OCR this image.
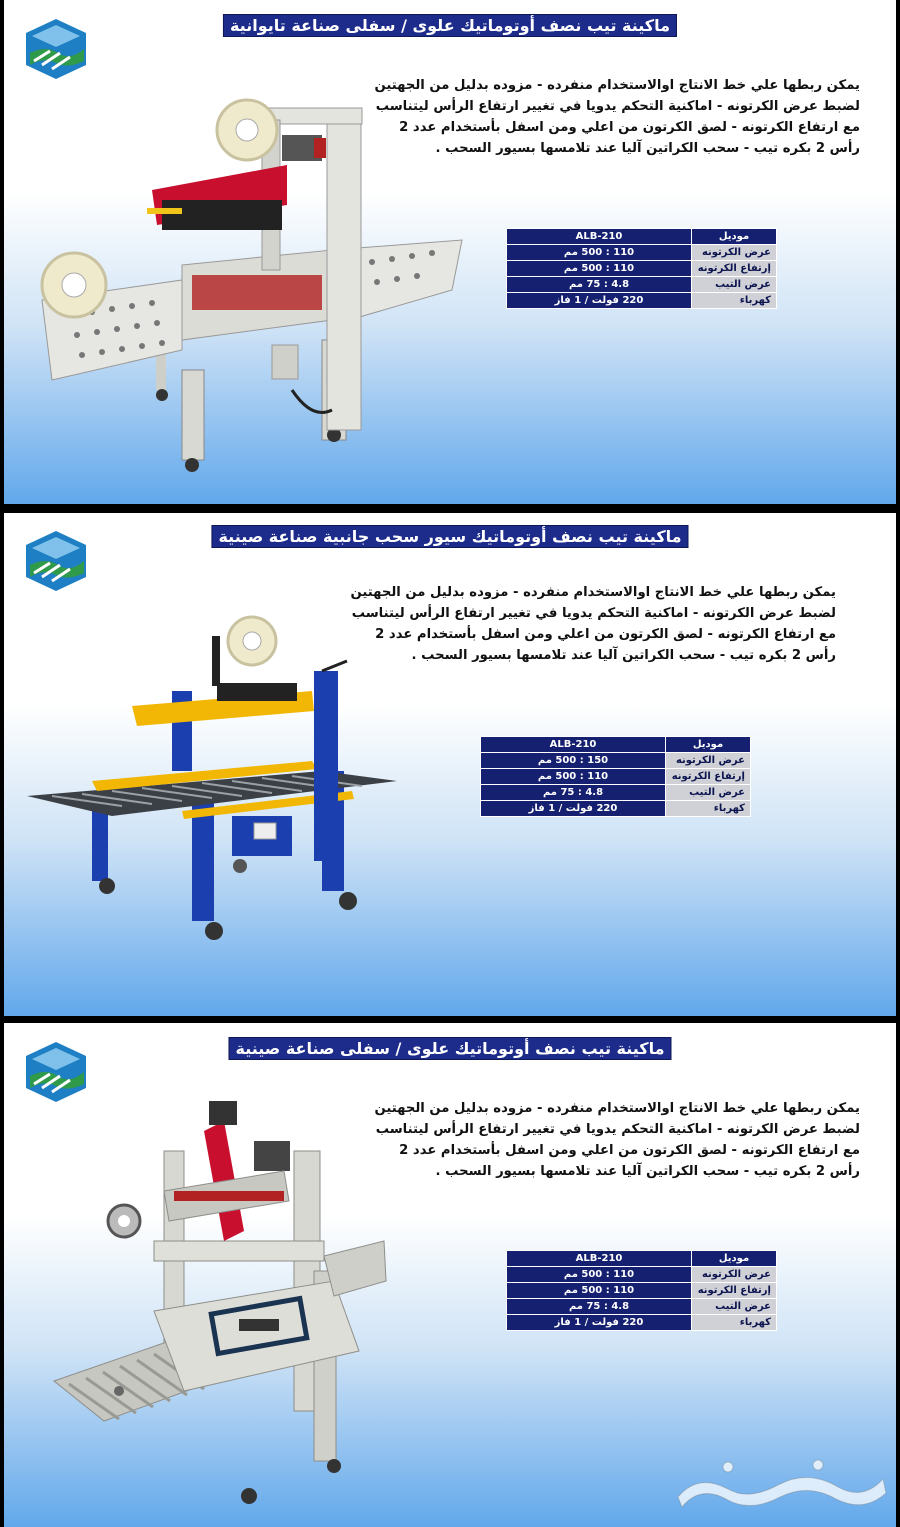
ماكينة تيب نصف أوتوماتيك علوى / سفلى صناعة تايوانية

يمكن ربطها علي خط الانتاج اوالاستخدام منفرده - مزوده بدليل من الجهتين لضبط عرض الكرتونه - اماكنية التحكم يدويا في تغيير ارتفاع الرأس ليتناسب مع ارتفاع الكرتونه - لصق الكرتون من اعلي ومن اسفل بأستخدام عدد 2 رأس 2 بكره تيب - سحب الكراتين آليا عند تلامسها بسيور السحب .

موديل	ALB-210
عرض الكرتونه	110 : 500 مم
إرتفاع الكرتونه	110 : 500 مم
عرض التيب	4.8 : 75 مم
كهرباء	220 فولت / 1 فاز
ماكينة تيب نصف أوتوماتيك سيور سحب جانبية صناعة صينية

يمكن ربطها علي خط الانتاج اوالاستخدام منفرده - مزوده بدليل من الجهتين لضبط عرض الكرتونه - اماكنية التحكم يدويا في تغيير ارتفاع الرأس ليتناسب مع ارتفاع الكرتونه - لصق الكرتون من اعلي ومن اسفل بأستخدام عدد 2 رأس 2 بكره تيب - سحب الكراتين آليا عند تلامسها بسيور السحب .

موديل	ALB-210
عرض الكرتونه	150 : 500 مم
إرتفاع الكرتونه	110 : 500 مم
عرض التيب	4.8 : 75 مم
كهرباء	220 فولت / 1 فاز
ماكينة تيب نصف أوتوماتيك علوى / سفلى صناعة صينية

يمكن ربطها علي خط الانتاج اوالاستخدام منفرده - مزوده بدليل من الجهتين لضبط عرض الكرتونه - اماكنية التحكم يدويا في تغيير ارتفاع الرأس ليتناسب مع ارتفاع الكرتونه - لصق الكرتون من اعلي ومن اسفل بأستخدام عدد 2 رأس 2 بكره تيب - سحب الكراتين آليا عند تلامسها بسيور السحب .

موديل	ALB-210
عرض الكرتونه	110 : 500 مم
إرتفاع الكرتونه	110 : 500 مم
عرض التيب	4.8 : 75 مم
كهرباء	220 فولت / 1 فاز
